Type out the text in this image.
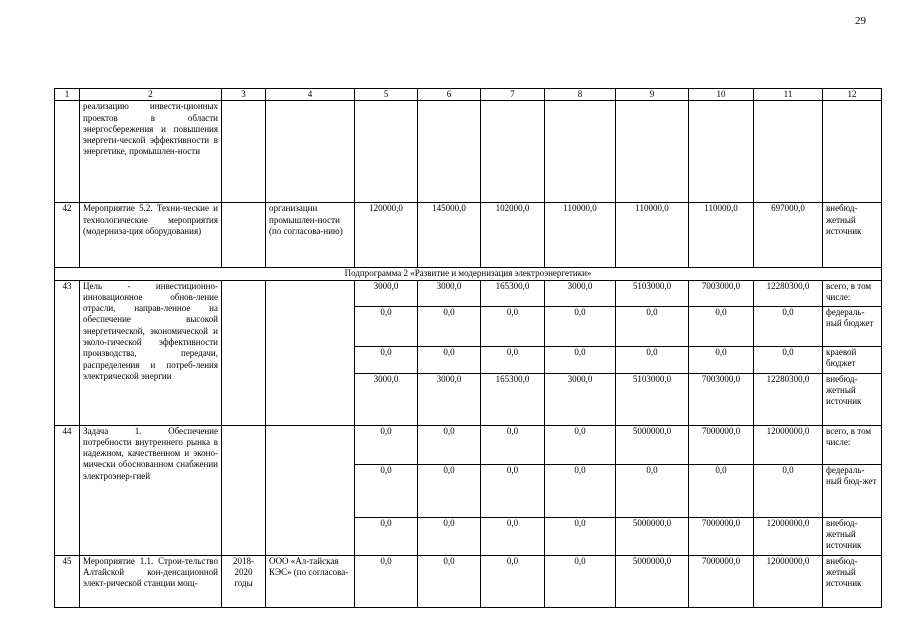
29
1	2	3	4	5	6	7	8	9	10	11	12
	реализацию инвести-ционных проектов в области энергосбережения и повышения энергети-ческой эффективности в энергетике, промышлен-ности										
42	Мероприятие 5.2. Техни-ческие и технологические мероприятия (модерниза-ция оборудования)		организации промышлен-ности (по согласова-нию)	120000,0	145000,0	102000,0	110000,0	110000,0	110000,0	697000,0	внебюд-жетный источник
Подпрограмма 2 «Развитие и модернизация электроэнергетики»											
43	Цель - инвестиционно-инновационное обнов-ление отрасли, направ-ленное на обеспечение высокой энергетической, экономической и эколо-гической эффективности производства, передачи, распределения и потреб-ления электрической энергии			3000,0	3000,0	165300,0	3000,0	5103000,0	7003000,0	12280300,0	всего, в том числе:
				0,0	0,0	0,0	0,0	0,0	0,0	0,0	федераль-ный бюджет
				0,0	0,0	0,0	0,0	0,0	0,0	0,0	краевой бюджет
				3000,0	3000,0	165300,0	3000,0	5103000,0	7003000,0	12280300,0	внебюд-жетный источник
44	Задача 1. Обеспечение потребности внутреннего рынка в надежном, качественном и эконо-мически обоснованном снабжении электроэнер-гией			0,0	0,0	0,0	0,0	5000000,0	7000000,0	12000000,0	всего, в том числе:
				0,0	0,0	0,0	0,0	0,0	0,0	0,0	федераль-ный бюд-жет
				0,0	0,0	0,0	0,0	5000000,0	7000000,0	12000000,0	внебюд-жетный источник
45	Мероприятие 1.1. Строи-тельство Алтайской кон-денсационной элект-рической станции мощ-	2018-2020 годы	ООО «Ал-тайская КЭС» (по согласова-	0,0	0,0	0,0	0,0	5000000,0	7000000,0	12000000,0	внебюд-жетный источник
